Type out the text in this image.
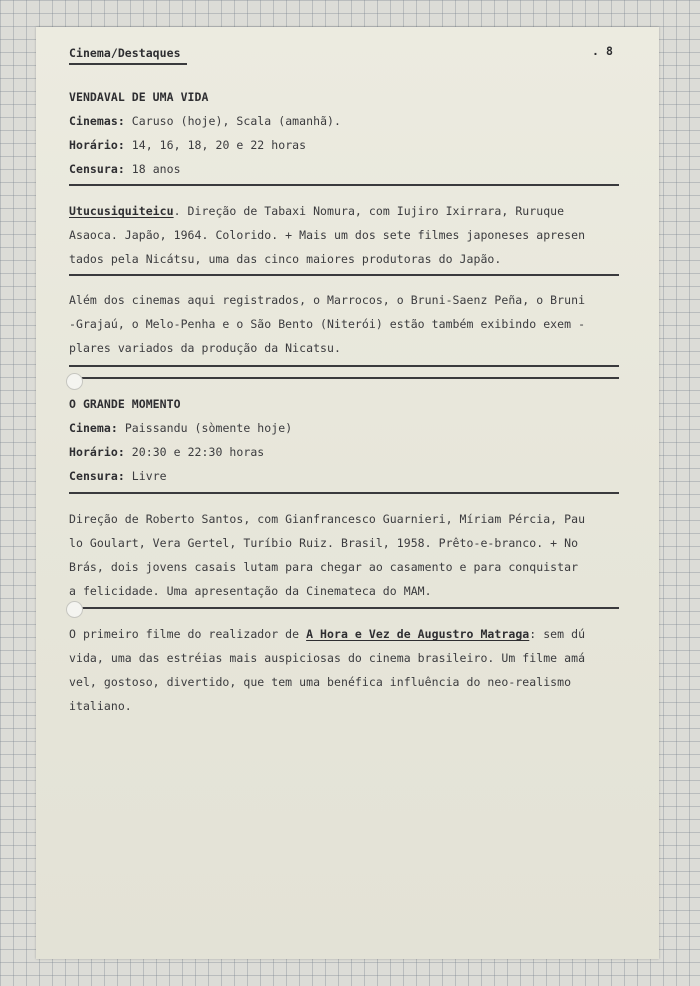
Cinema/Destaques	. 8

VENDAVAL DE UMA VIDA

Cinemas: Caruso (hoje), Scala (amanhã).

Horário: 14, 16, 18, 20 e 22 horas

Censura: 18 anos

Utucusiquiteicu. Direção de Tabaxi Nomura, com Iujiro Ixirrara, Ruruque

Asaoca. Japão, 1964. Colorido. + Mais um dos sete filmes japoneses apresen

tados pela Nicátsu, uma das cinco maiores produtoras do Japão.

Além dos cinemas aqui registrados, o Marrocos, o Bruni-Saenz Peña, o Bruni

-Grajaú, o Melo-Penha e o São Bento (Niterói) estão também exibindo exem -

plares variados da produção da Nicatsu.

O GRANDE MOMENTO

Cinema: Paissandu (sòmente hoje)

Horário: 20:30 e 22:30 horas

Censura: Livre

Direção de Roberto Santos, com Gianfrancesco Guarnieri, Míriam Pércia, Pau

lo Goulart, Vera Gertel, Turíbio Ruiz. Brasil, 1958. Prêto-e-branco. + No

Brás, dois jovens casais lutam para chegar ao casamento e para conquistar

a felicidade. Uma apresentação da Cinemateca do MAM.

O primeiro filme do realizador de A Hora e Vez de Augustro Matraga: sem dú

vida, uma das estréias mais auspiciosas do cinema brasileiro. Um filme amá

vel, gostoso, divertido, que tem uma benéfica influência do neo-realismo

italiano.
